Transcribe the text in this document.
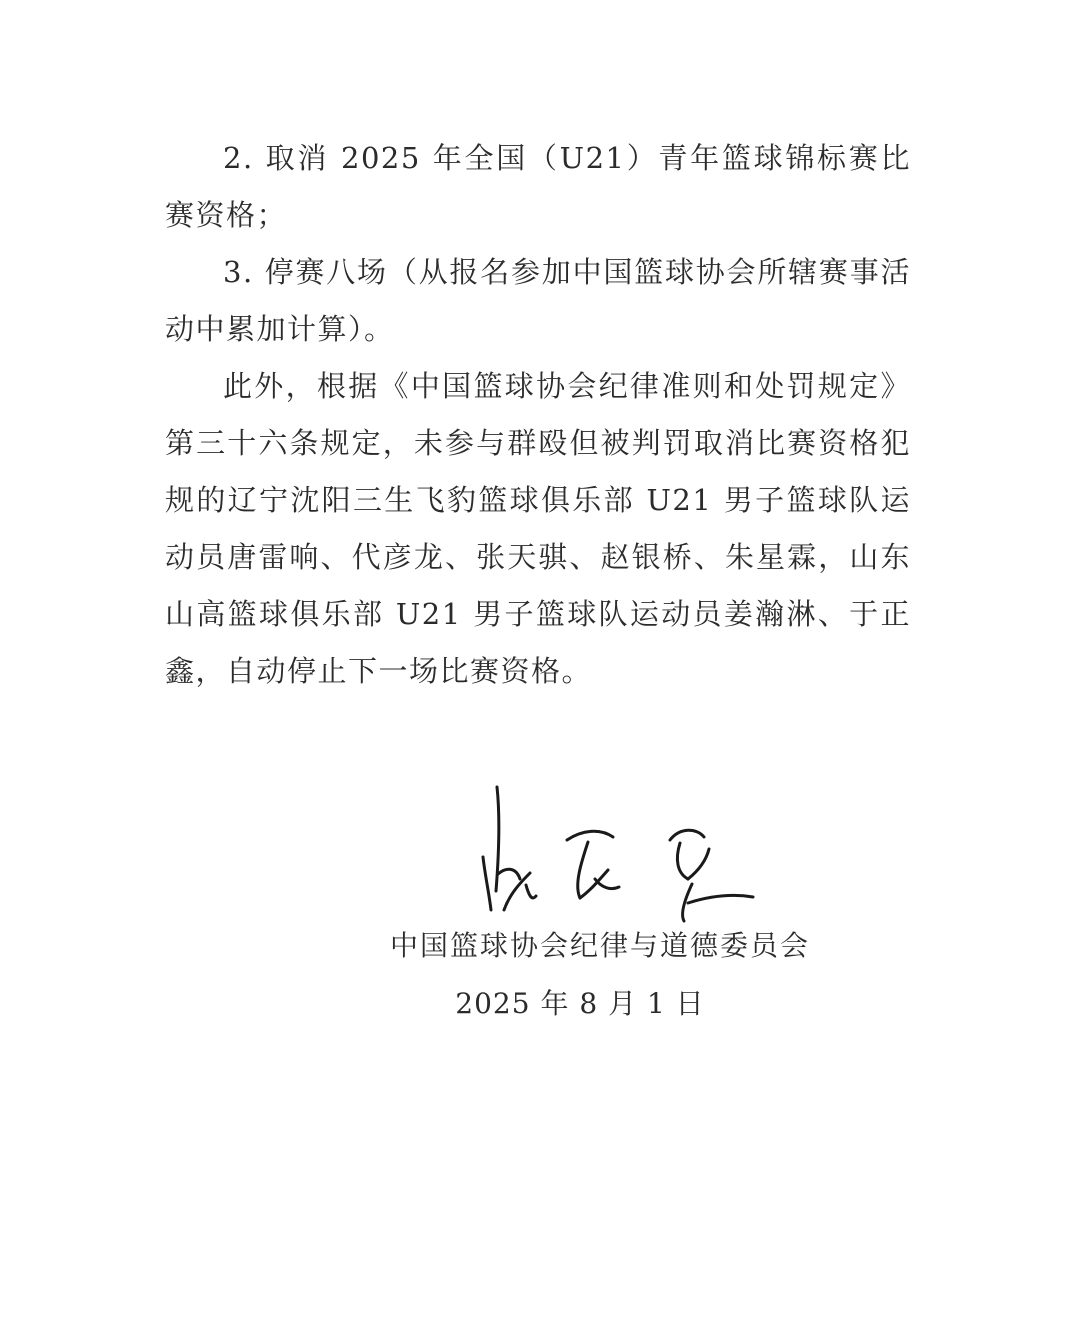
2. 取消 2025 年全国（U21）青年篮球锦标赛比赛资格；

3. 停赛八场（从报名参加中国篮球协会所辖赛事活动中累加计算）。

此外，根据《中国篮球协会纪律准则和处罚规定》第三十六条规定，未参与群殴但被判罚取消比赛资格犯规的辽宁沈阳三生飞豹篮球俱乐部 U21 男子篮球队运动员唐雷响、代彦龙、张天骐、赵银桥、朱星霖，山东山高篮球俱乐部 U21 男子篮球队运动员姜瀚淋、于正鑫，自动停止下一场比赛资格。

中国篮球协会纪律与道德委员会
2025 年 8 月 1 日
